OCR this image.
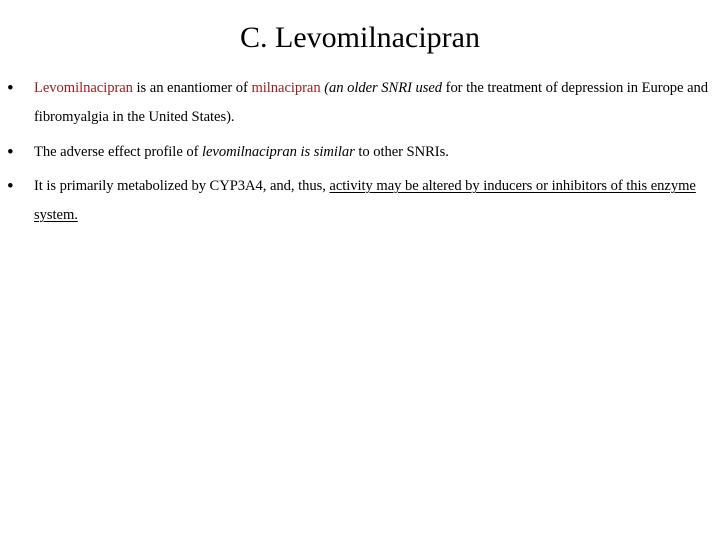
C. Levomilnacipran
• Levomilnacipran is an enantiomer of milnacipran (an older SNRI used for the treatment of depression in Europe and fibromyalgia in the United States).
• The adverse effect profile of levomilnacipran is similar to other SNRIs.
• It is primarily metabolized by CYP3A4, and, thus, activity may be altered by inducers or inhibitors of this enzyme system.
